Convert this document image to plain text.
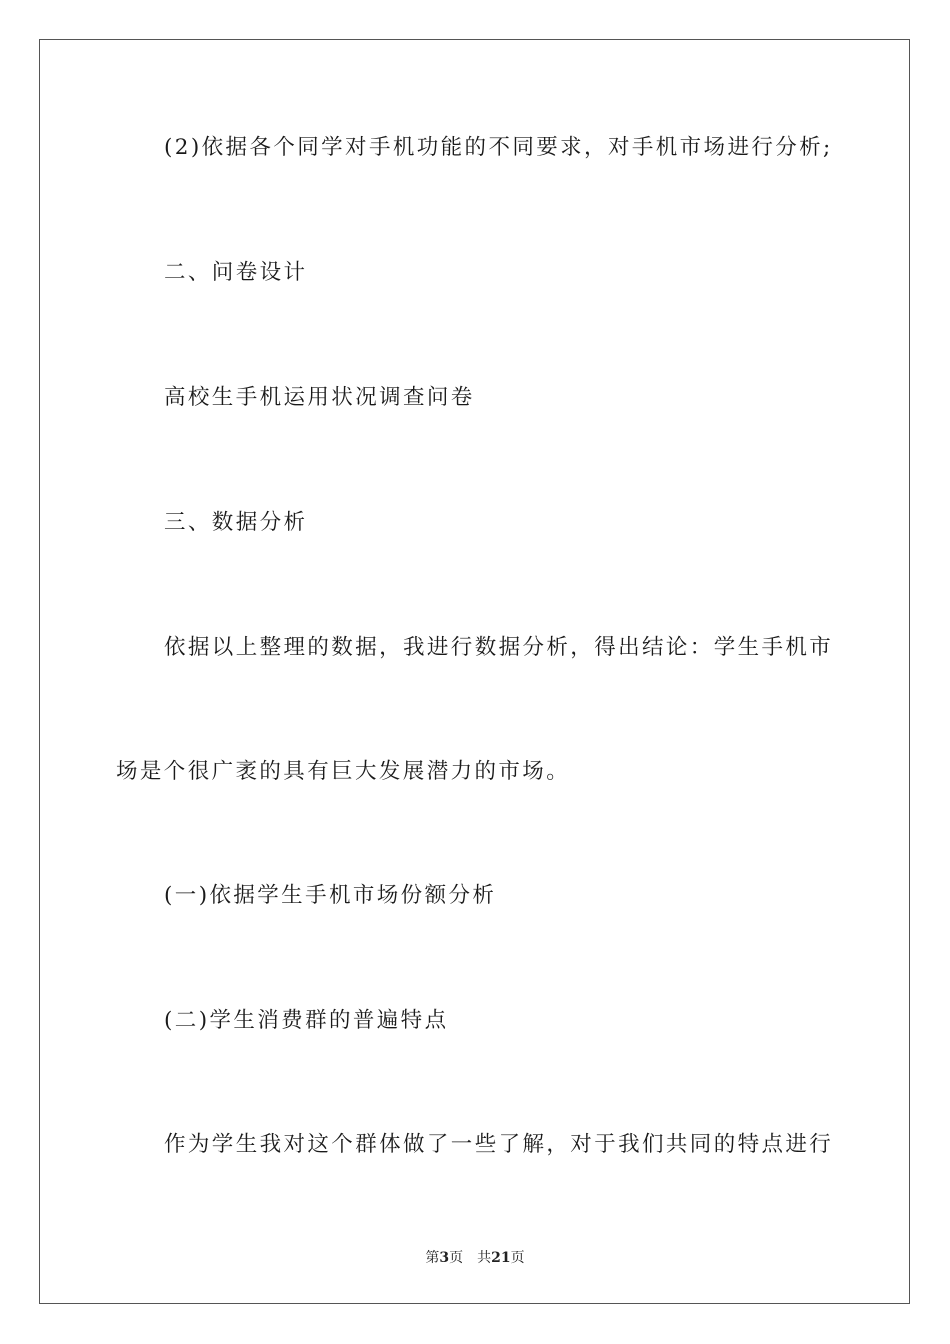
(2)依据各个同学对手机功能的不同要求，对手机市场进行分析;
二、问卷设计
高校生手机运用状况调查问卷
三、数据分析
依据以上整理的数据，我进行数据分析，得出结论：学生手机市
场是个很广袤的具有巨大发展潜力的市场。
(一)依据学生手机市场份额分析
(二)学生消费群的普遍特点
作为学生我对这个群体做了一些了解，对于我们共同的特点进行
第3页 共21页
